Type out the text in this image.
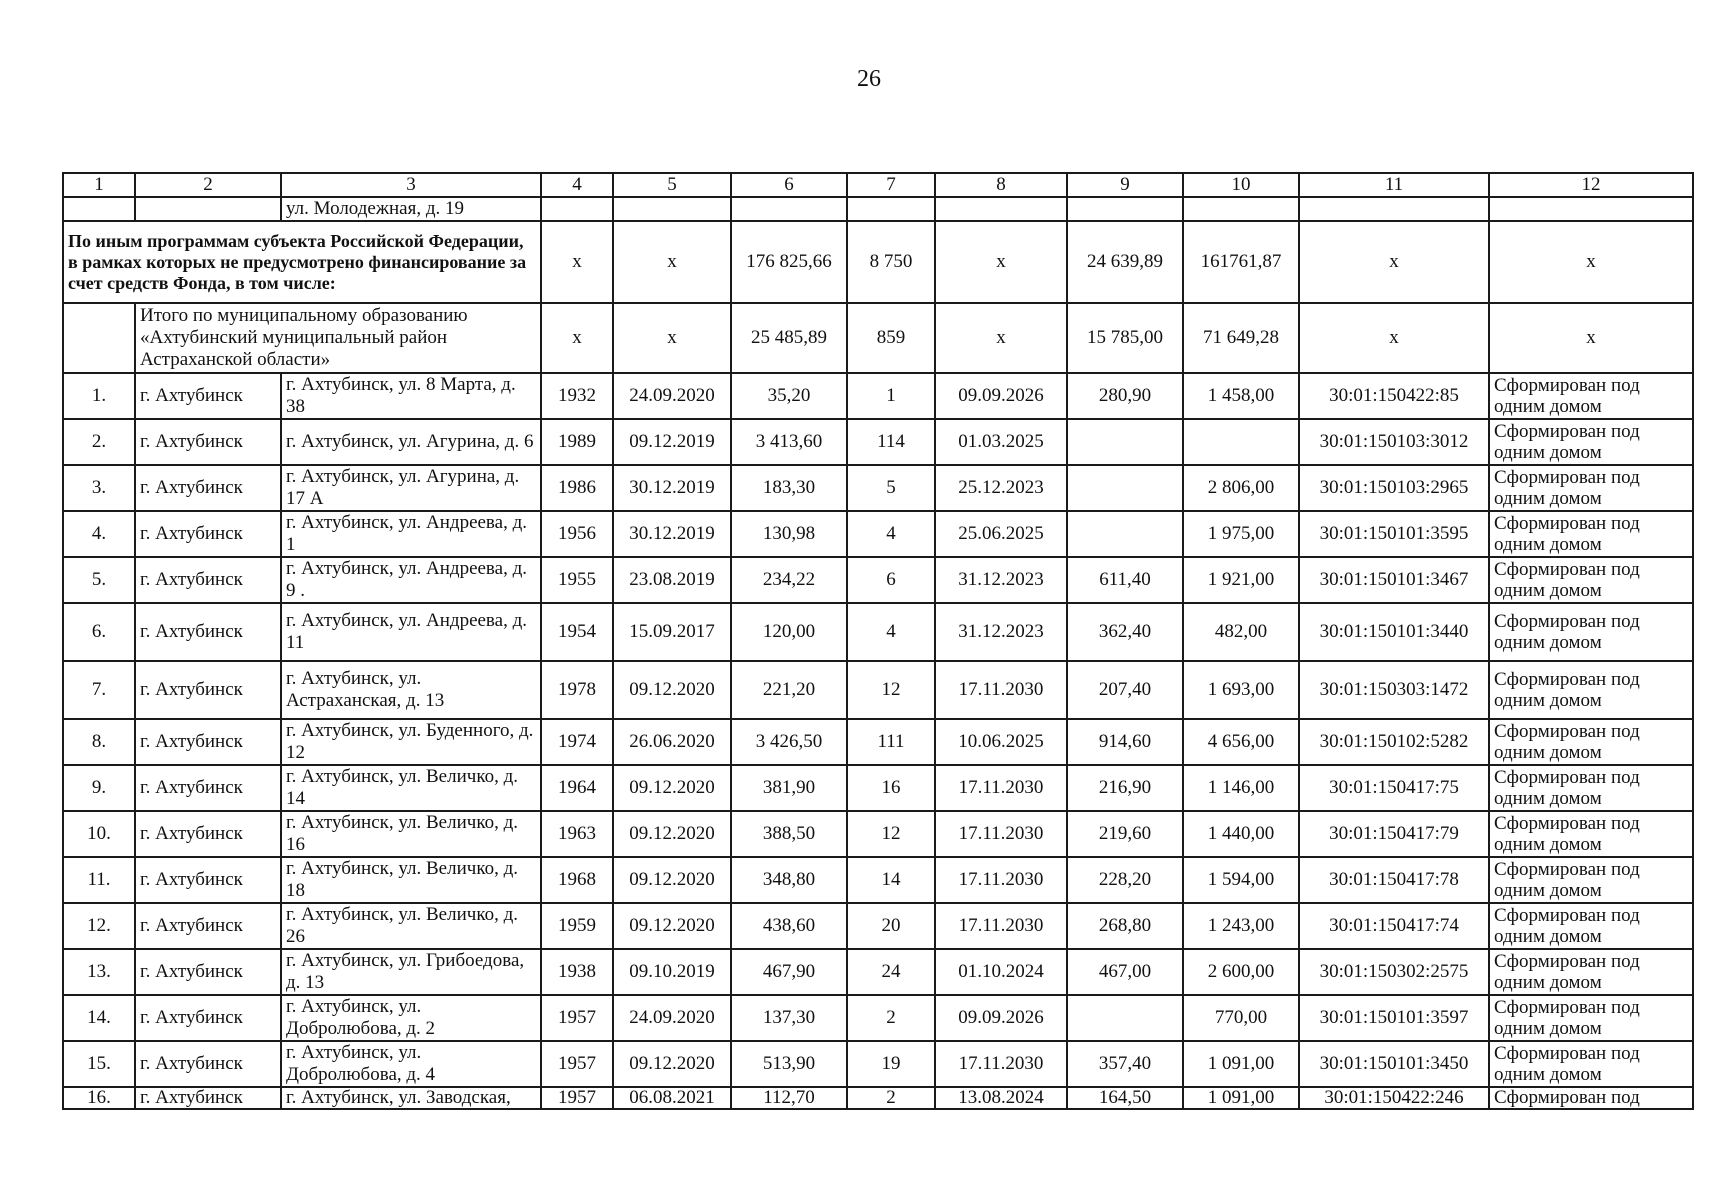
26
1	2	3	4	5	6	7	8	9	10	11	12
		ул. Молодежная, д. 19									
По иным программам субъекта Российской Федерации, в рамках которых не предусмотрено финансирование за счет средств Фонда, в том числе:			x	x	176 825,66	8 750	x	24 639,89	161761,87	x	x
	Итого по муниципальному образованию «Ахтубинский муниципальный район Астраханской области»		x	x	25 485,89	859	x	15 785,00	71 649,28	x	x
1.	г. Ахтубинск	г. Ахтубинск, ул. 8 Марта, д. 38	1932	24.09.2020	35,20	1	09.09.2026	280,90	1 458,00	30:01:150422:85	Сформирован под одним домом
2.	г. Ахтубинск	г. Ахтубинск, ул. Агурина, д. 6	1989	09.12.2019	3 413,60	114	01.03.2025			30:01:150103:3012	Сформирован под одним домом
3.	г. Ахтубинск	г. Ахтубинск, ул. Агурина, д. 17 А	1986	30.12.2019	183,30	5	25.12.2023		2 806,00	30:01:150103:2965	Сформирован под одним домом
4.	г. Ахтубинск	г. Ахтубинск, ул. Андреева, д. 1	1956	30.12.2019	130,98	4	25.06.2025		1 975,00	30:01:150101:3595	Сформирован под одним домом
5.	г. Ахтубинск	г. Ахтубинск, ул. Андреева, д. 9 .	1955	23.08.2019	234,22	6	31.12.2023	611,40	1 921,00	30:01:150101:3467	Сформирован под одним домом
6.	г. Ахтубинск	г. Ахтубинск, ул. Андреева, д. 11	1954	15.09.2017	120,00	4	31.12.2023	362,40	482,00	30:01:150101:3440	Сформирован под одним домом
7.	г. Ахтубинск	г. Ахтубинск, ул. Астраханская, д. 13	1978	09.12.2020	221,20	12	17.11.2030	207,40	1 693,00	30:01:150303:1472	Сформирован под одним домом
8.	г. Ахтубинск	г. Ахтубинск, ул. Буденного, д. 12	1974	26.06.2020	3 426,50	111	10.06.2025	914,60	4 656,00	30:01:150102:5282	Сформирован под одним домом
9.	г. Ахтубинск	г. Ахтубинск, ул. Величко, д. 14	1964	09.12.2020	381,90	16	17.11.2030	216,90	1 146,00	30:01:150417:75	Сформирован под одним домом
10.	г. Ахтубинск	г. Ахтубинск, ул. Величко, д. 16	1963	09.12.2020	388,50	12	17.11.2030	219,60	1 440,00	30:01:150417:79	Сформирован под одним домом
11.	г. Ахтубинск	г. Ахтубинск, ул. Величко, д. 18	1968	09.12.2020	348,80	14	17.11.2030	228,20	1 594,00	30:01:150417:78	Сформирован под одним домом
12.	г. Ахтубинск	г. Ахтубинск, ул. Величко, д. 26	1959	09.12.2020	438,60	20	17.11.2030	268,80	1 243,00	30:01:150417:74	Сформирован под одним домом
13.	г. Ахтубинск	г. Ахтубинск, ул. Грибоедова, д. 13	1938	09.10.2019	467,90	24	01.10.2024	467,00	2 600,00	30:01:150302:2575	Сформирован под одним домом
14.	г. Ахтубинск	г. Ахтубинск, ул. Добролюбова, д. 2	1957	24.09.2020	137,30	2	09.09.2026		770,00	30:01:150101:3597	Сформирован под одним домом
15.	г. Ахтубинск	г. Ахтубинск, ул. Добролюбова, д. 4	1957	09.12.2020	513,90	19	17.11.2030	357,40	1 091,00	30:01:150101:3450	Сформирован под одним домом
16.	г. Ахтубинск	г. Ахтубинск, ул. Заводская,	1957	06.08.2021	112,70	2	13.08.2024	164,50	1 091,00	30:01:150422:246	Сформирован под
